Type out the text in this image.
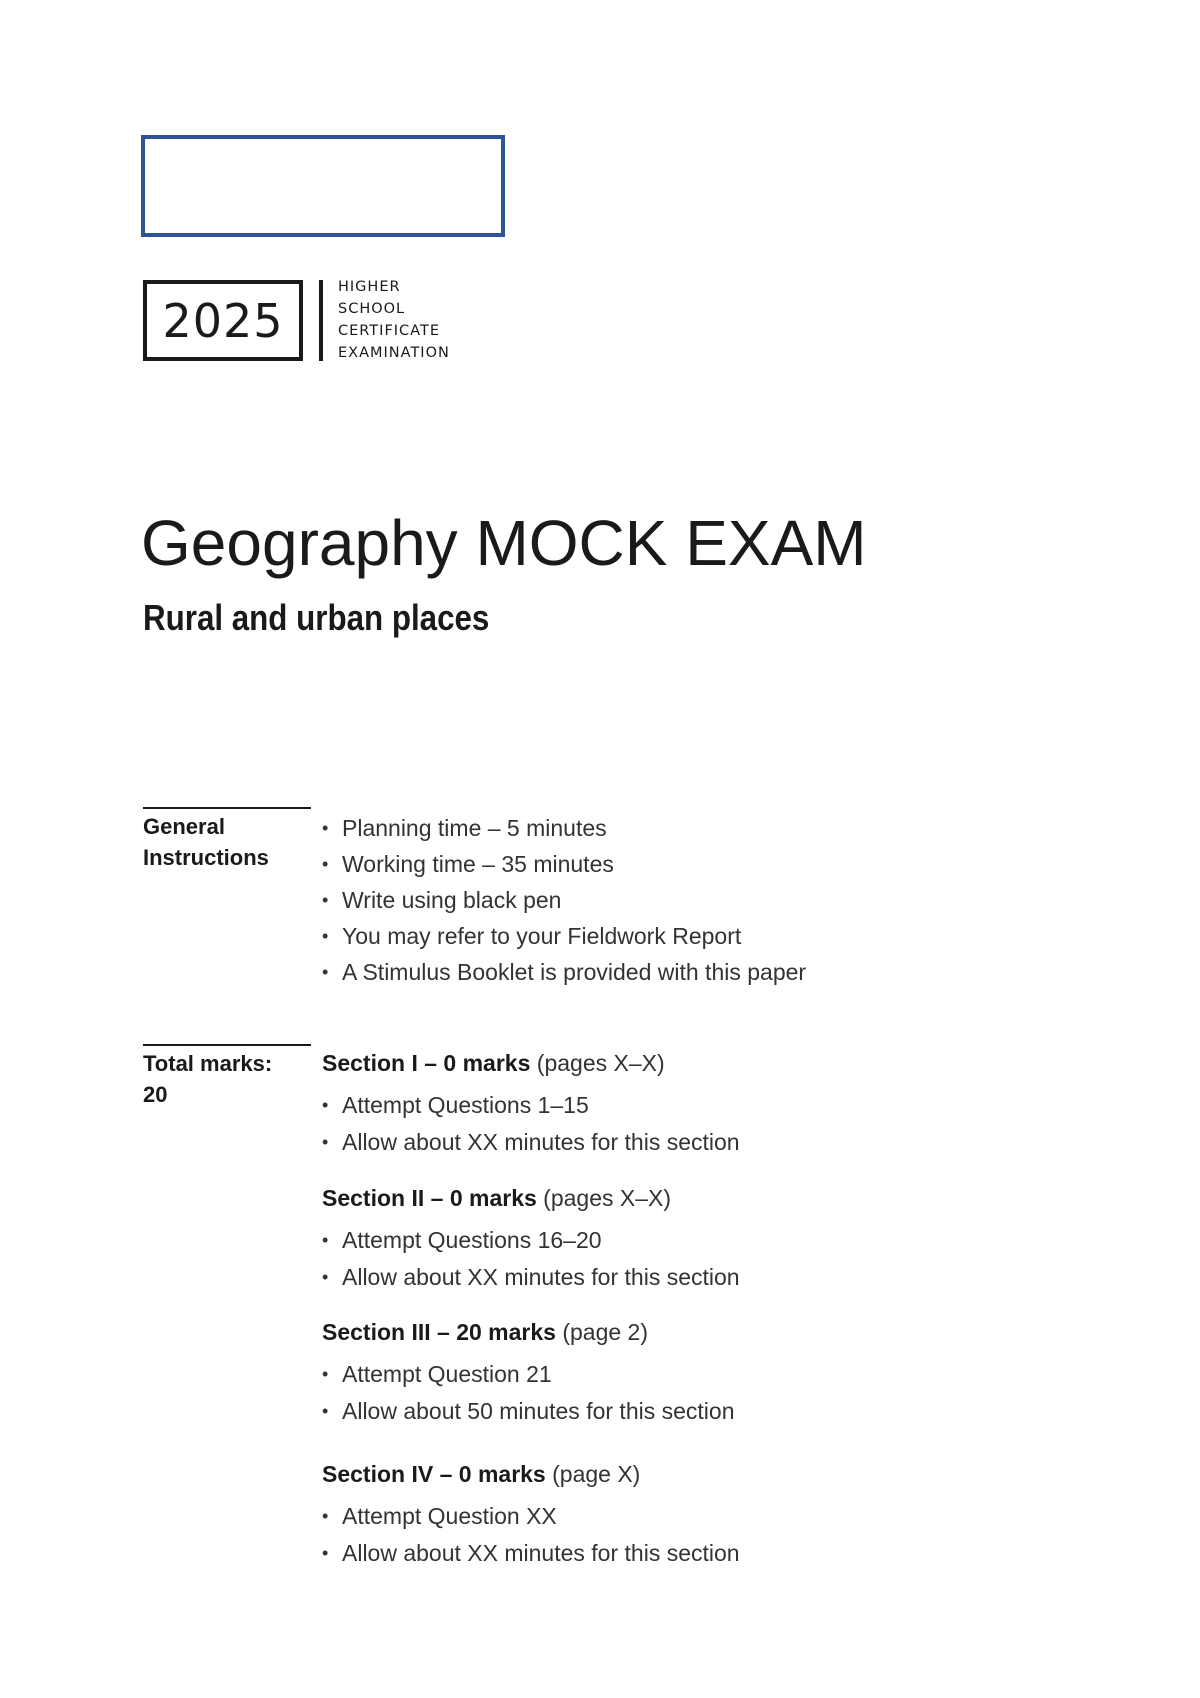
2025
HIGHER
SCHOOL
CERTIFICATE
EXAMINATION
Geography MOCK EXAM
Rural and urban places
General
Instructions
• Planning time – 5 minutes
• Working time – 35 minutes
• Write using black pen
• You may refer to your Fieldwork Report
• A Stimulus Booklet is provided with this paper
Total marks:
20
Section I – 0 marks (pages X–X)
• Attempt Questions 1–15
• Allow about XX minutes for this section
Section II – 0 marks (pages X–X)
• Attempt Questions 16–20
• Allow about XX minutes for this section
Section III – 20 marks (page 2)
• Attempt Question 21
• Allow about 50 minutes for this section
Section IV – 0 marks (page X)
• Attempt Question XX
• Allow about XX minutes for this section
